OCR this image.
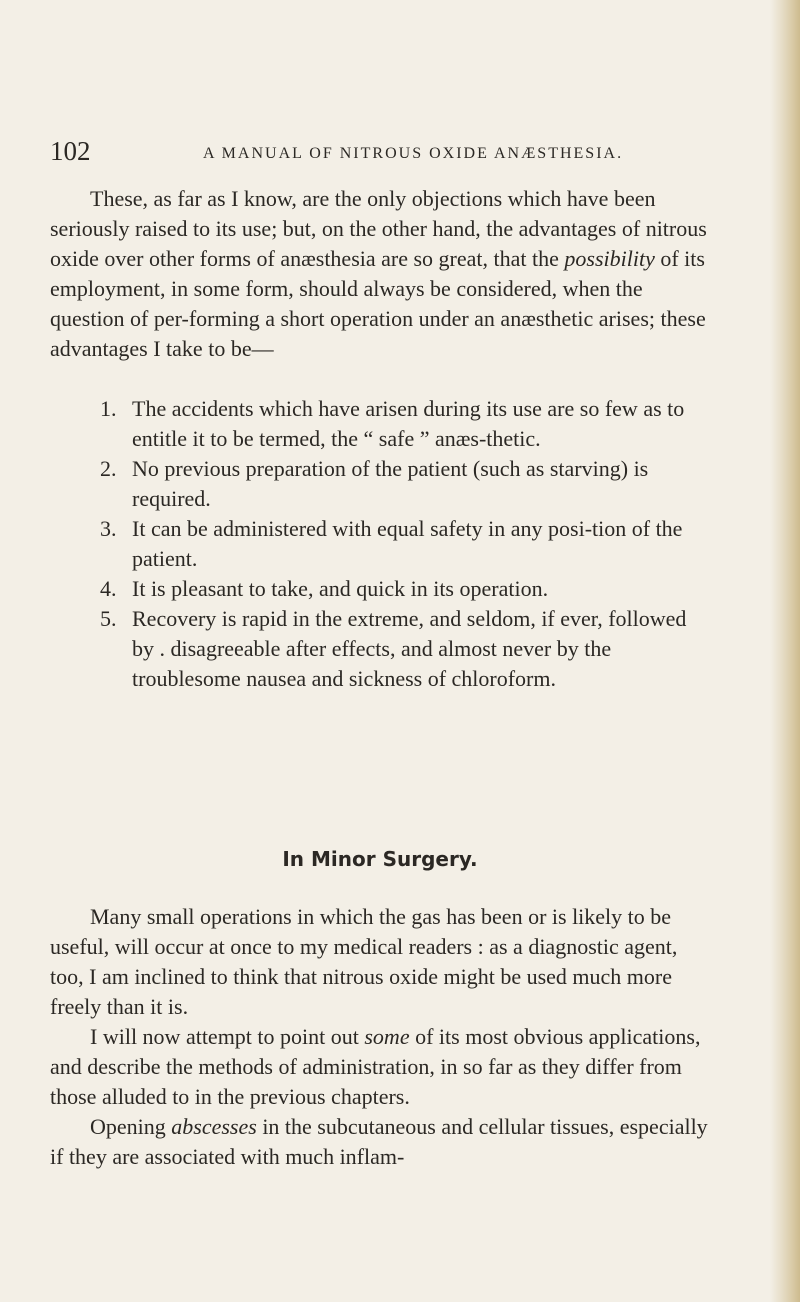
102	A MANUAL OF NITROUS OXIDE ANÆSTHESIA.
These, as far as I know, are the only objections which have been seriously raised to its use; but, on the other hand, the advantages of nitrous oxide over other forms of anæsthesia are so great, that the possibility of its employment, in some form, should always be considered, when the question of per-forming a short operation under an anæsthetic arises; these advantages I take to be—
1. The accidents which have arisen during its use are so few as to entitle it to be termed, the “ safe ” anæs-thetic.
2. No previous preparation of the patient (such as starving) is required.
3. It can be administered with equal safety in any posi-tion of the patient.
4. It is pleasant to take, and quick in its operation.
5. Recovery is rapid in the extreme, and seldom, if ever, followed by . disagreeable after effects, and almost never by the troublesome nausea and sickness of chloroform.
In Minor Surgery.

Many small operations in which the gas has been or is likely to be useful, will occur at once to my medical readers : as a diagnostic agent, too, I am inclined to think that nitrous oxide might be used much more freely than it is.

I will now attempt to point out some of its most obvious applications, and describe the methods of administration, in so far as they differ from those alluded to in the previous chapters.

Opening abscesses in the subcutaneous and cellular tissues, especially if they are associated with much inflam-
